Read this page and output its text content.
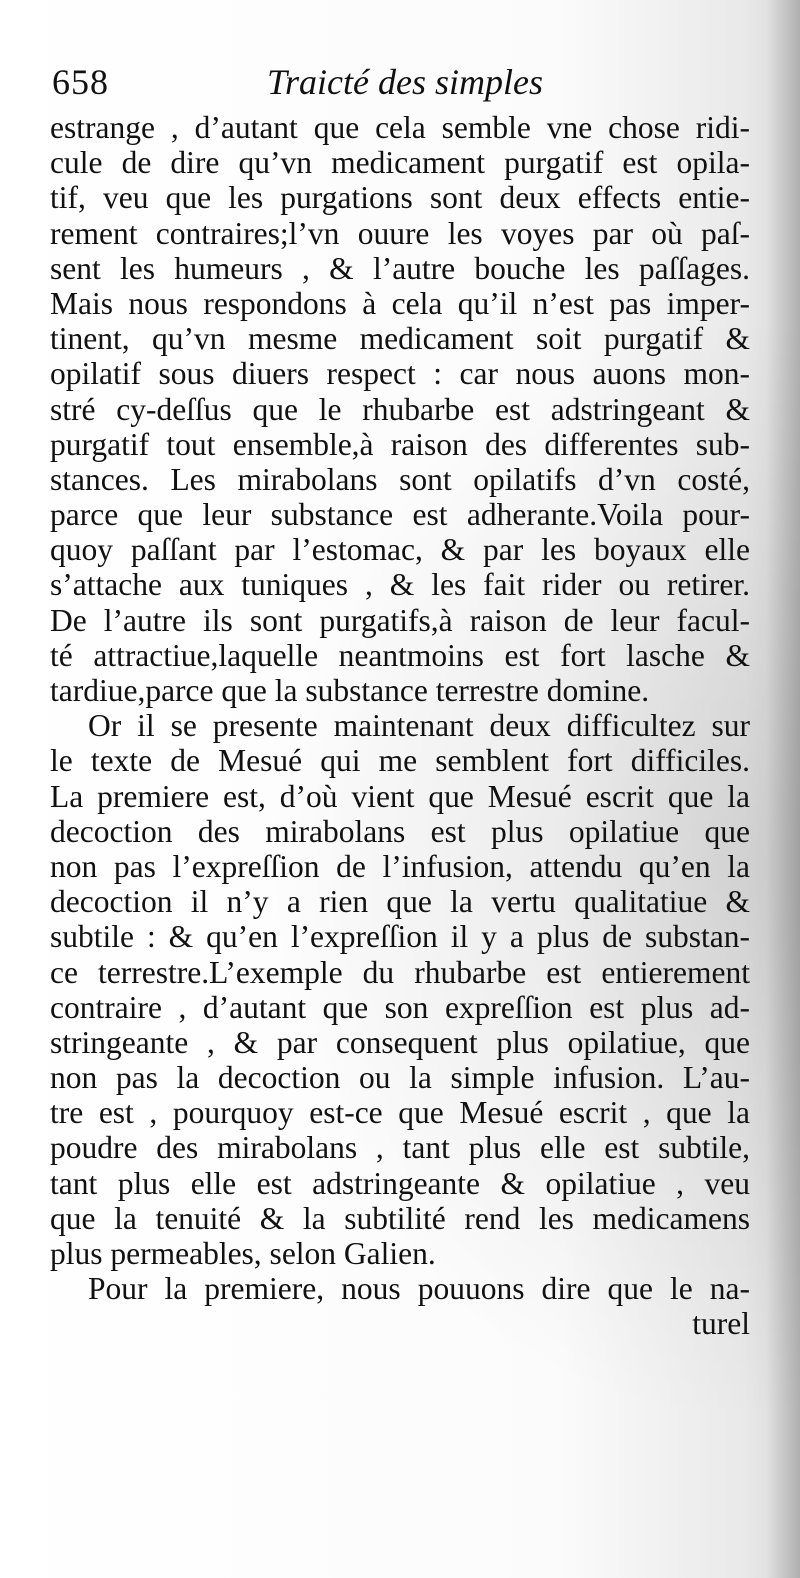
658	Traicté des simples
estrange , d’autant que cela semble vne chose ridi-
cule de dire qu’vn medicament purgatif est opila-
tif, veu que les purgations sont deux effects entie-
rement contraires;l’vn ouure les voyes par où paſ-
sent les humeurs , & l’autre bouche les paſſages.
Mais nous respondons à cela qu’il n’est pas imper-
tinent, qu’vn mesme medicament soit purgatif &
opilatif sous diuers respect : car nous auons mon-
stré cy-deſſus que le rhubarbe est adstringeant &
purgatif tout ensemble,à raison des differentes sub-
stances. Les mirabolans sont opilatifs d’vn costé,
parce que leur substance est adherante.Voila pour-
quoy paſſant par l’estomac, & par les boyaux elle
s’attache aux tuniques , & les fait rider ou retirer.
De l’autre ils sont purgatifs,à raison de leur facul-
té attractiue,laquelle neantmoins est fort lasche &
tardiue,parce que la substance terrestre domine.
Or il se presente maintenant deux difficultez sur
le texte de Mesué qui me semblent fort difficiles.
La premiere est, d’où vient que Mesué escrit que la
decoction des mirabolans est plus opilatiue que
non pas l’expreſſion de l’infusion, attendu qu’en la
decoction il n’y a rien que la vertu qualitatiue &
subtile : & qu’en l’expreſſion il y a plus de substan-
ce terrestre.L’exemple du rhubarbe est entierement
contraire , d’autant que son expreſſion est plus ad-
stringeante , & par consequent plus opilatiue, que
non pas la decoction ou la simple infusion. L’au-
tre est , pourquoy est-ce que Mesué escrit , que la
poudre des mirabolans , tant plus elle est subtile,
tant plus elle est adstringeante & opilatiue , veu
que la tenuité & la subtilité rend les medicamens
plus permeables, selon Galien.
Pour la premiere, nous pouuons dire que le na-
turel
